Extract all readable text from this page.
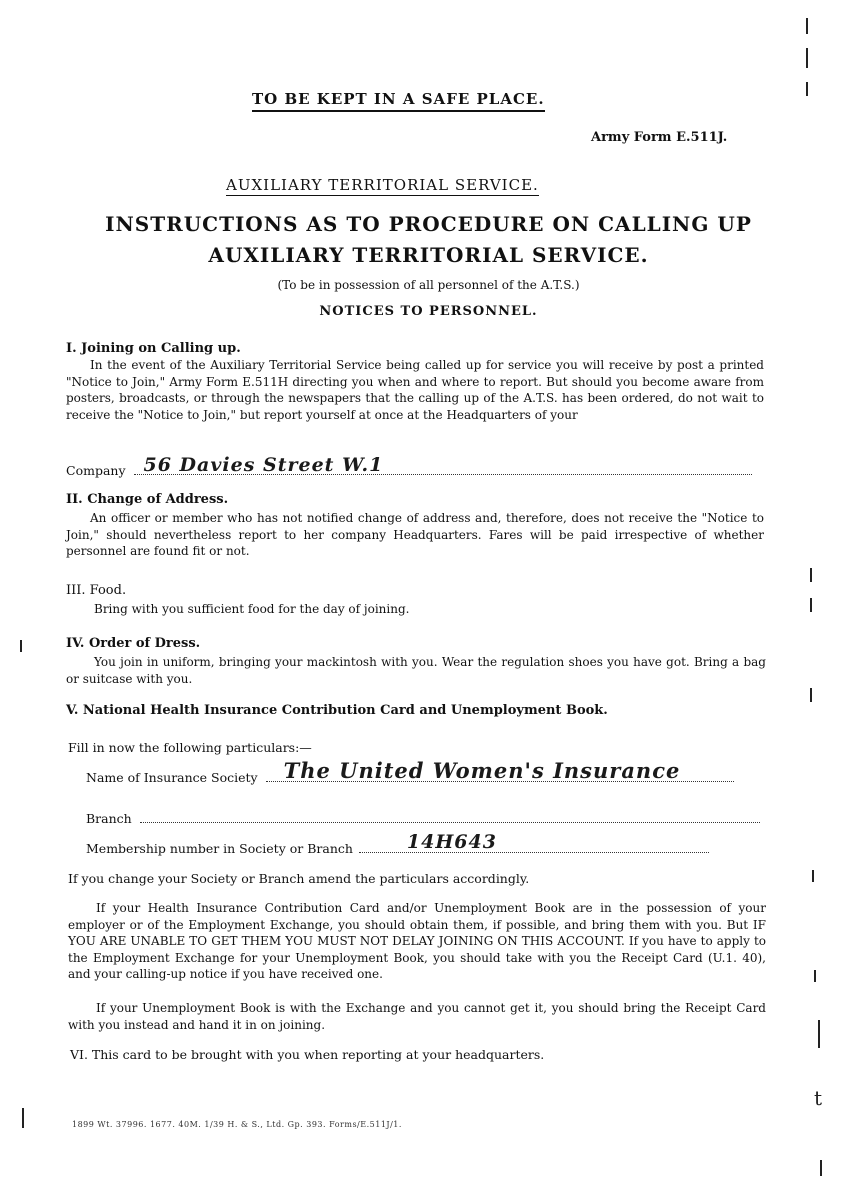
TO BE KEPT IN A SAFE PLACE.
Army Form E.511J.
AUXILIARY TERRITORIAL SERVICE.
INSTRUCTIONS AS TO PROCEDURE ON CALLING UP
AUXILIARY TERRITORIAL SERVICE.
(To be in possession of all personnel of the A.T.S.)
NOTICES TO PERSONNEL.
I. Joining on Calling up.
In the event of the Auxiliary Territorial Service being called up for service you will receive by post a printed "Notice to Join," Army Form E.511H directing you when and where to report. But should you become aware from posters, broadcasts, or through the newspapers that the calling up of the A.T.S. has been ordered, do not wait to receive the "Notice to Join," but report yourself at once at the Headquarters of your
Company 56 Davies Street W.1
II. Change of Address.
An officer or member who has not notified change of address and, therefore, does not receive the "Notice to Join," should nevertheless report to her company Headquarters. Fares will be paid irrespective of whether personnel are found fit or not.
III. Food.
Bring with you sufficient food for the day of joining.
IV. Order of Dress.
You join in uniform, bringing your mackintosh with you. Wear the regulation shoes you have got. Bring a bag or suitcase with you.
V. National Health Insurance Contribution Card and Unemployment Book.
Fill in now the following particulars:—
Name of Insurance Society The United Women's Insurance
Branch
Membership number in Society or Branch	14H643
If you change your Society or Branch amend the particulars accordingly.
If your Health Insurance Contribution Card and/or Unemployment Book are in the possession of your employer or of the Employment Exchange, you should obtain them, if possible, and bring them with you. But IF YOU ARE UNABLE TO GET THEM YOU MUST NOT DELAY JOINING ON THIS ACCOUNT. If you have to apply to the Employment Exchange for your Unemployment Book, you should take with you the Receipt Card (U.1. 40), and your calling-up notice if you have received one.
If your Unemployment Book is with the Exchange and you cannot get it, you should bring the Receipt Card with you instead and hand it in on joining.
VI. This card to be brought with you when reporting at your headquarters.
1899 Wt. 37996. 1677. 40M. 1/39 H. & S., Ltd. Gp. 393. Forms/E.511J/1.
t
